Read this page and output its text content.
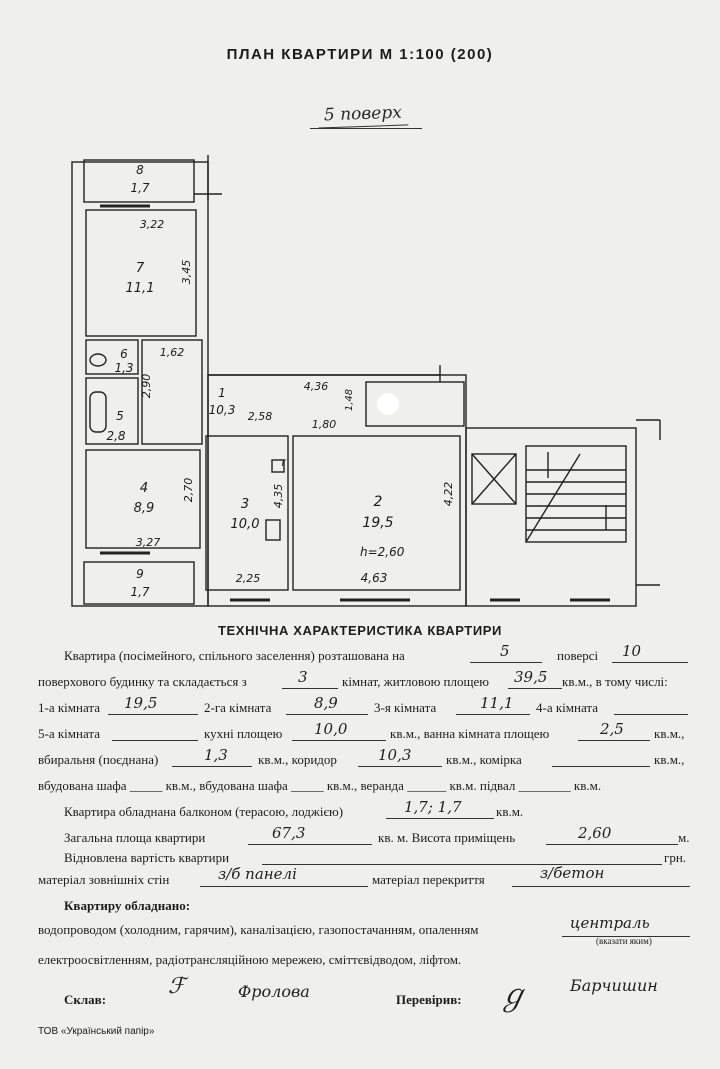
ПЛАН КВАРТИРИ М 1:100 (200)
5 поверх
8
1,7
7
11,1
6
1,3
5
2,8
1
10,3
4
8,9	3
10,0
2
19,5
9
1,7
3,22
3,45
1,62
2,90	4,36
1,48
2,58
1,80
2,70	4,35
Т
4,22
3,27
2,25	4,63
h=2,60
ТЕХНІЧНА ХАРАКТЕРИСТИКА КВАРТИРИ
Квартира (посімейного, спільного заселення) розташована на	5	поверсі 10
поверхового будинку та складається з	3	кімнат, житловою площею 39,5 кв.м., в тому числі:
1-а кімната 19,5	2-га кімната	8,9	3-я кімната	11,1 4-а кімната
5-а кімната	кухні площею 10,0	кв.м., ванна кімната площею	2,5 кв.м.,
вбиральня (поєднана)	1,3 кв.м., коридор	10,3	кв.м., комірка	кв.м.,
вбудована шафа _____ кв.м., вбудована шафа _____ кв.м., веранда ______ кв.м. підвал ________ кв.м.
Квартира обладнана балконом (терасою, лоджією)	1,7; 1,7	кв.м.
Загальна площа квартири	67,3	кв. м. Висота приміщень	2,60	м.
Відновлена вартість квартири	грн.
матеріал зовнішніх стін	з/б панелі	матеріал перекриття	з/бетон
Квартиру обладнано:
водопроводом (холодним, гарячим), каналізацією, газопостачанням, опаленням	централь
(вказати яким)
електроосвітленням, радіотрансляційною мережею, сміттєвідводом, ліфтом.
Склав:
ℱ	Фролова	Перевірив: ℊ	Барчишин
ТОВ «Український папір»
